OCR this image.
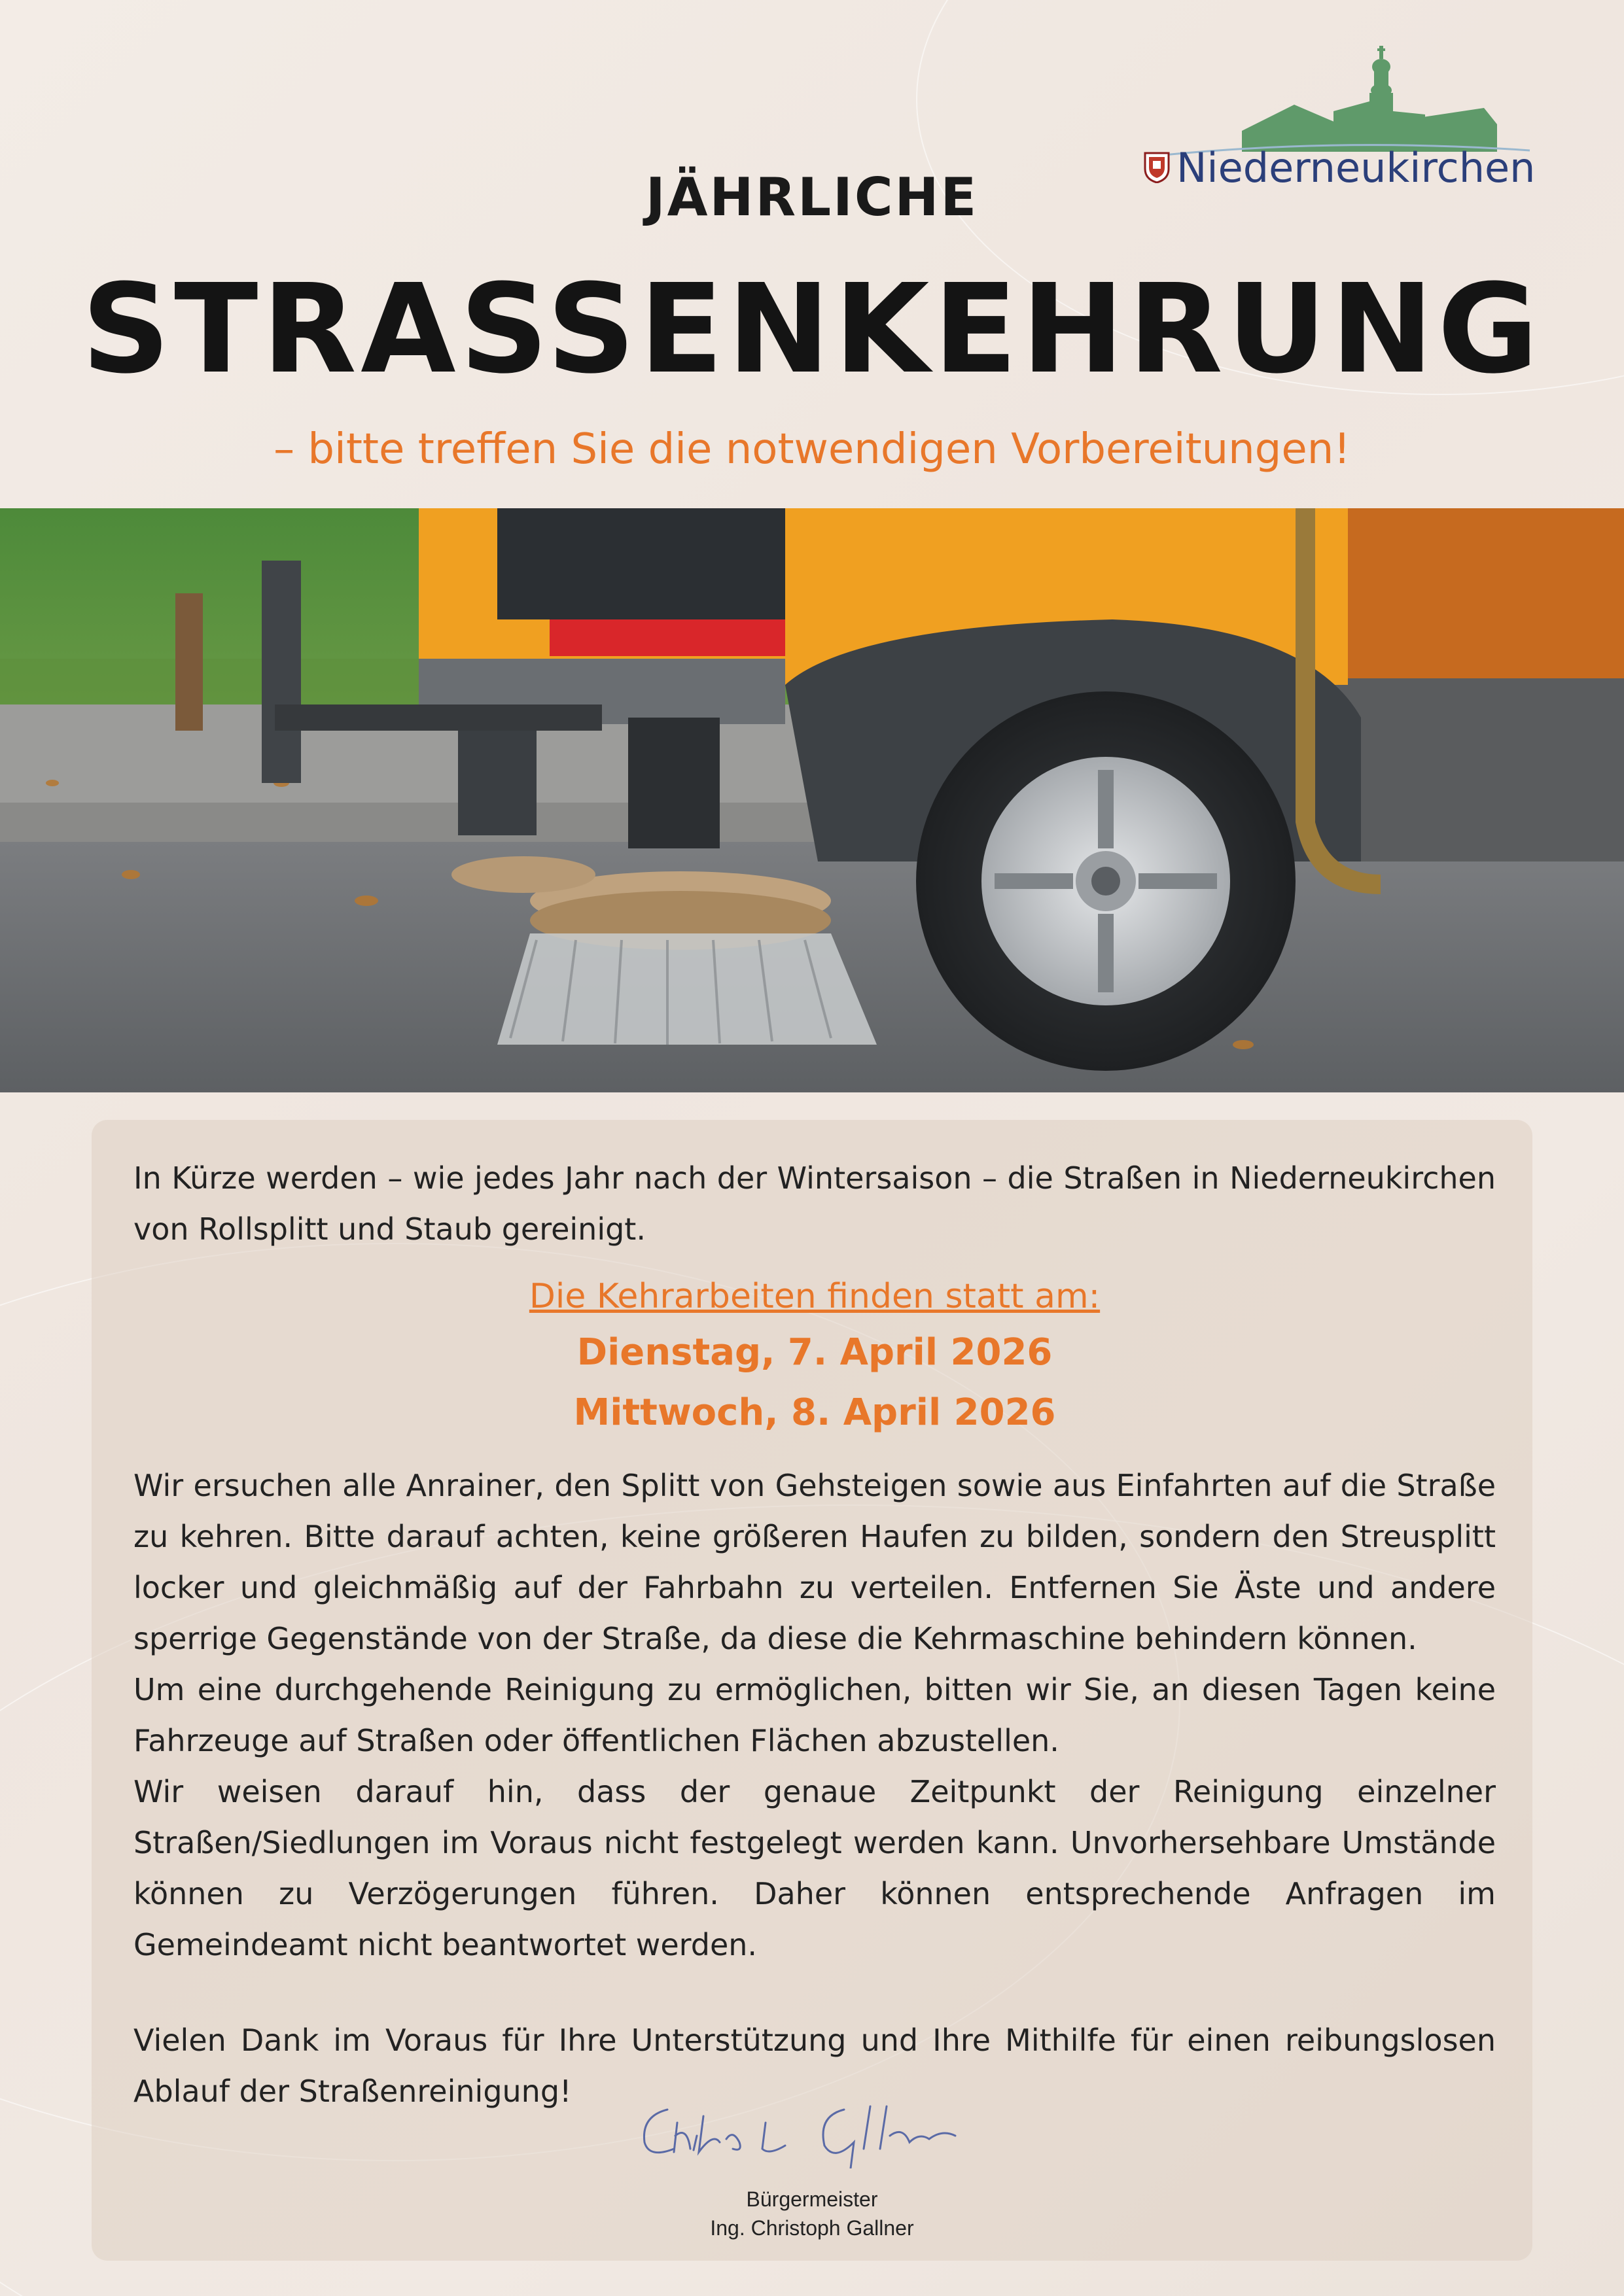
Niederneukirchen
JÄHRLICHE
STRASSENKEHRUNG
– bitte treffen Sie die notwendigen Vorbereitungen!

In Kürze werden – wie jedes Jahr nach der Wintersaison – die Straßen in Niederneukirchen von Rollsplitt und Staub gereinigt.

Die Kehrarbeiten finden statt am:

Dienstag, 7. April 2026

Mittwoch, 8. April 2026

Wir ersuchen alle Anrainer, den Splitt von Gehsteigen sowie aus Einfahrten auf die Straße zu kehren. Bitte darauf achten, keine größeren Haufen zu bilden, sondern den Streusplitt locker und gleichmäßig auf der Fahrbahn zu verteilen. Entfernen Sie Äste und andere sperrige Gegenstände von der Straße, da diese die Kehrmaschine behindern können.

Um eine durchgehende Reinigung zu ermöglichen, bitten wir Sie, an diesen Tagen keine Fahrzeuge auf Straßen oder öffentlichen Flächen abzustellen.

Wir weisen darauf hin, dass der genaue Zeitpunkt der Reinigung einzelner Straßen/Siedlungen im Voraus nicht festgelegt werden kann. Unvorhersehbare Umstände können zu Verzögerungen führen. Daher können entsprechende Anfragen im Gemeindeamt nicht beantwortet werden.

Vielen Dank im Voraus für Ihre Unterstützung und Ihre Mithilfe für einen reibungslosen Ablauf der Straßenreinigung!

Bürgermeister
Ing. Christoph Gallner
